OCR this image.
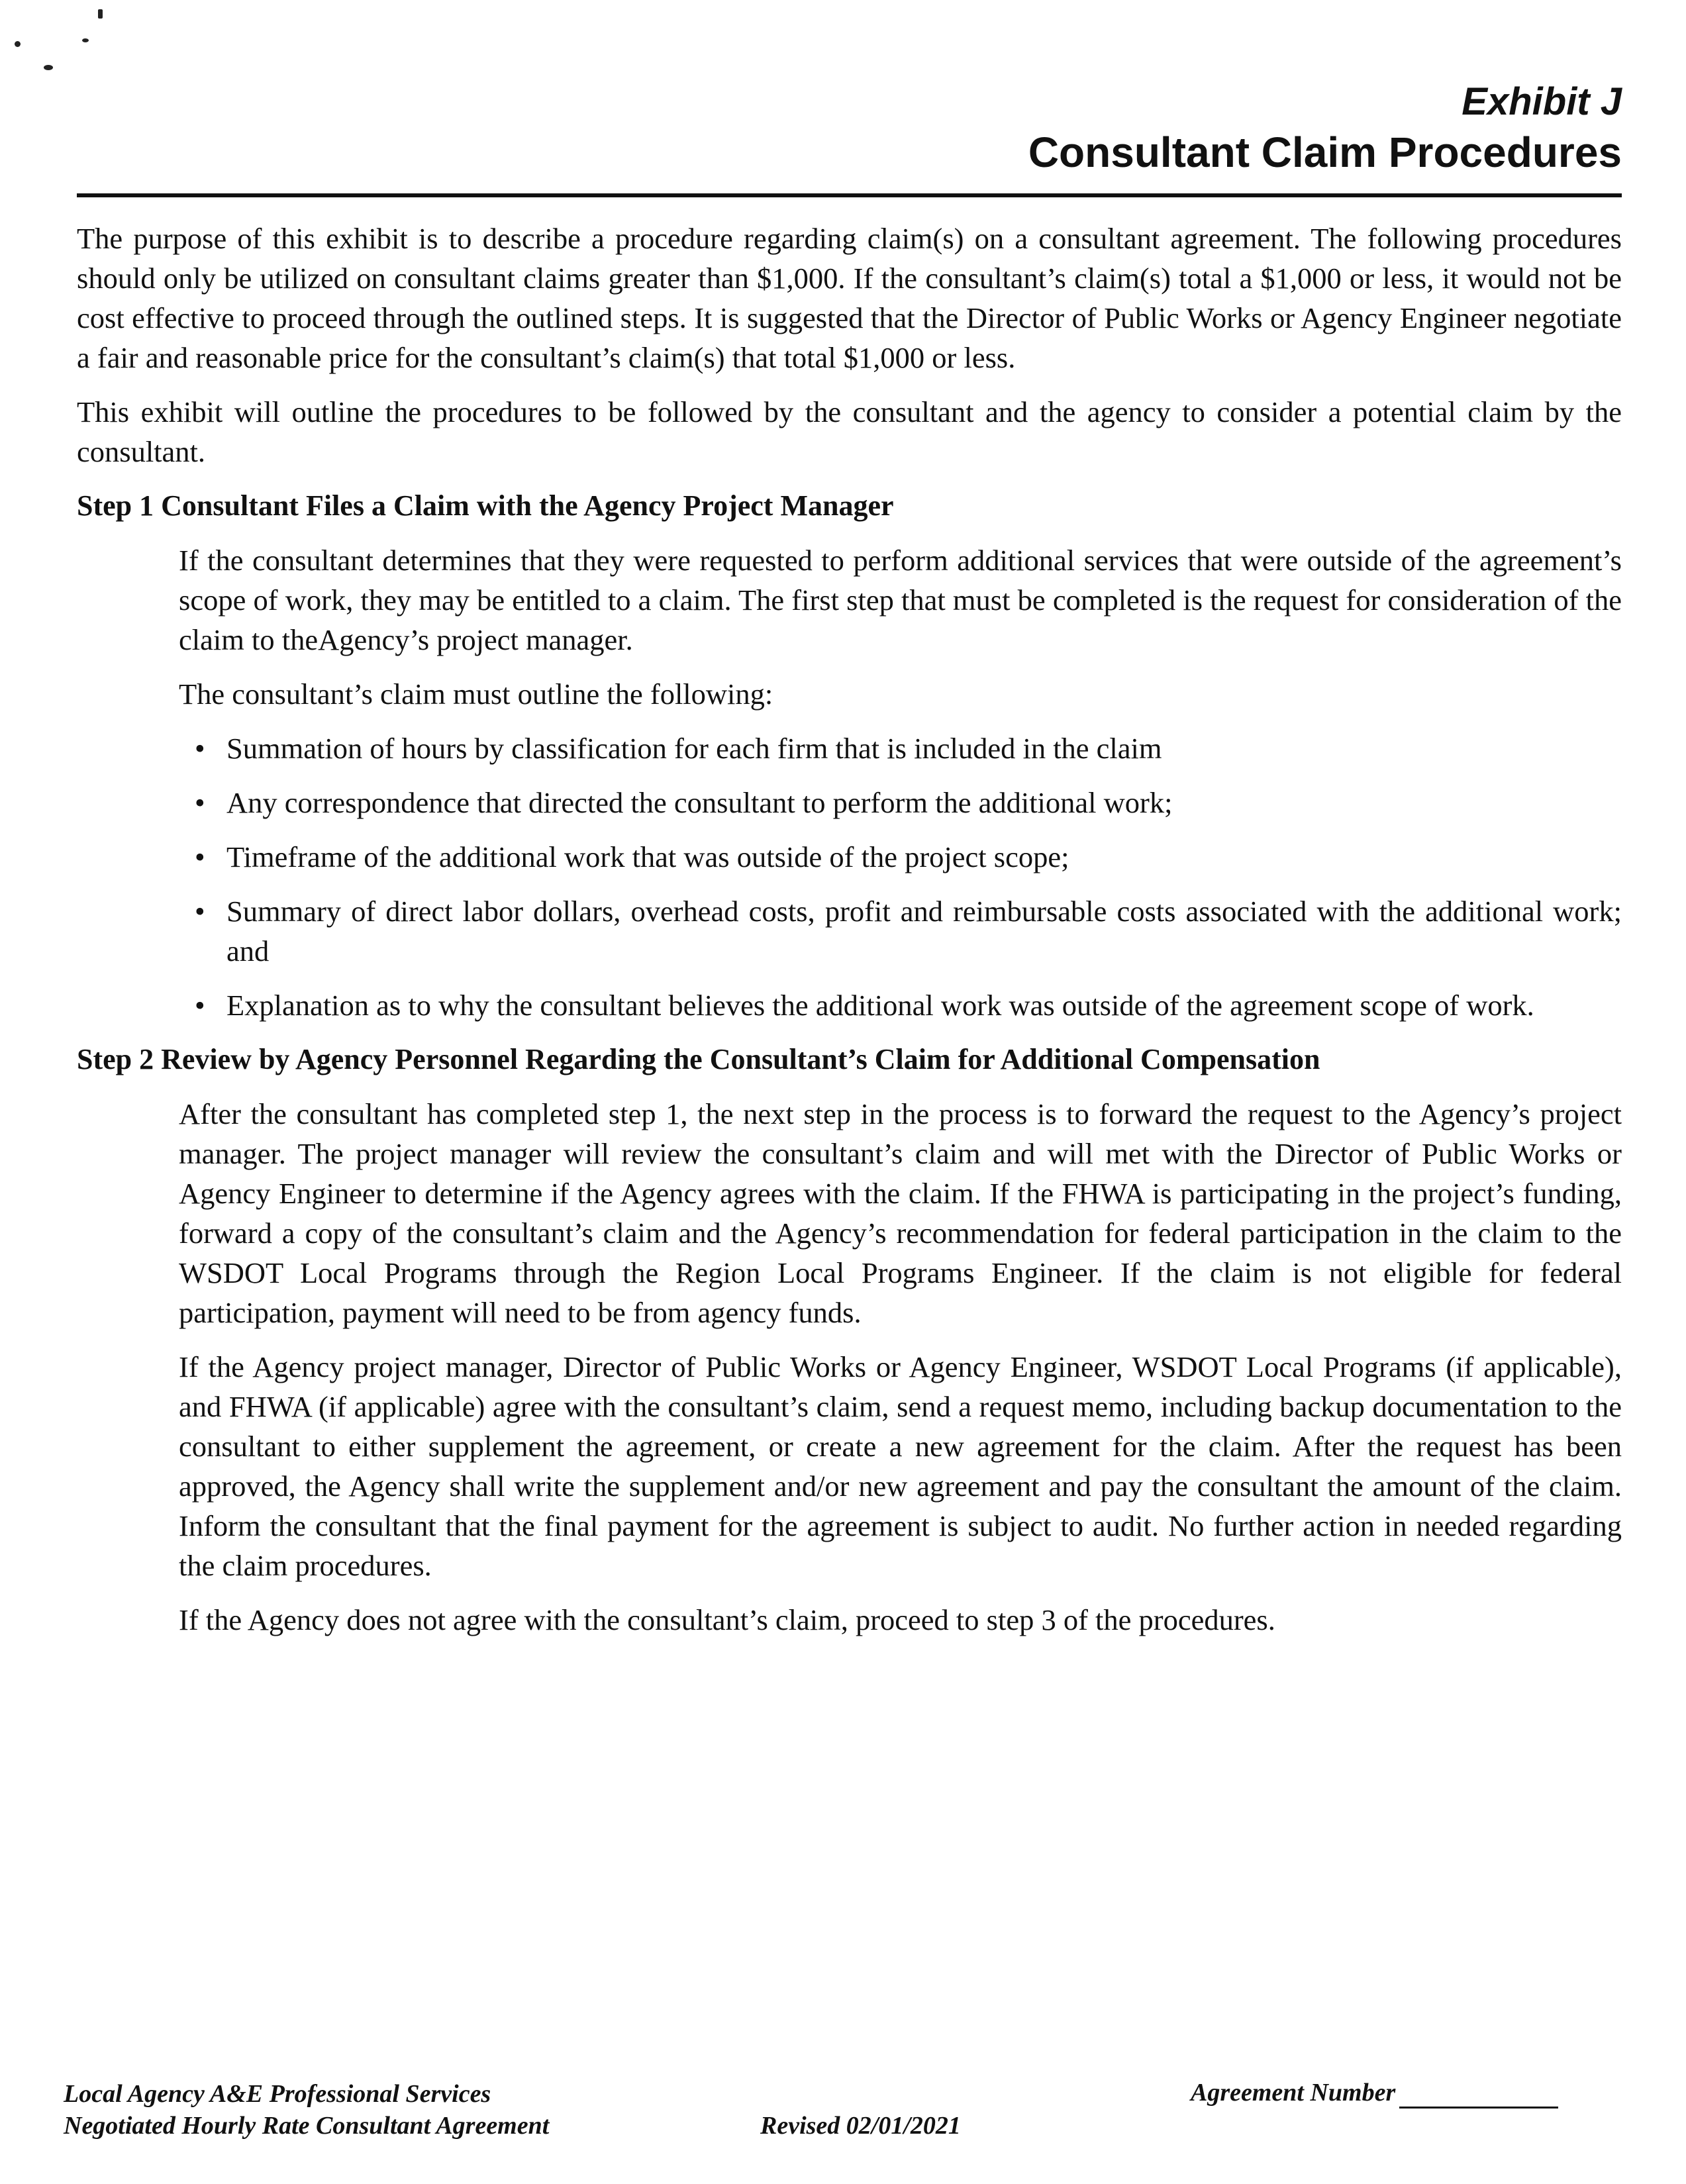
Exhibit J
Consultant Claim Procedures

The purpose of this exhibit is to describe a procedure regarding claim(s) on a consultant agreement. The following procedures should only be utilized on consultant claims greater than $1,000. If the consultant’s claim(s) total a $1,000 or less, it would not be cost effective to proceed through the outlined steps. It is suggested that the Director of Public Works or Agency Engineer negotiate a fair and reasonable price for the consultant’s claim(s) that total $1,000 or less.

This exhibit will outline the procedures to be followed by the consultant and the agency to consider a potential claim by the consultant.

Step 1 Consultant Files a Claim with the Agency Project Manager

If the consultant determines that they were requested to perform additional services that were outside of the agreement’s scope of work, they may be entitled to a claim. The first step that must be completed is the request for consideration of the claim to theAgency’s project manager.

The consultant’s claim must outline the following:

• Summation of hours by classification for each firm that is included in the claim
• Any correspondence that directed the consultant to perform the additional work;
• Timeframe of the additional work that was outside of the project scope;
• Summary of direct labor dollars, overhead costs, profit and reimbursable costs associated with the additional work; and
• Explanation as to why the consultant believes the additional work was outside of the agreement scope of work.
Step 2 Review by Agency Personnel Regarding the Consultant’s Claim for Additional Compensation

After the consultant has completed step 1, the next step in the process is to forward the request to the Agency’s project manager. The project manager will review the consultant’s claim and will met with the Director of Public Works or Agency Engineer to determine if the Agency agrees with the claim. If the FHWA is participating in the project’s funding, forward a copy of the consultant’s claim and the Agency’s recommendation for federal participation in the claim to the WSDOT Local Programs through the Region Local Programs Engineer. If the claim is not eligible for federal participation, payment will need to be from agency funds.

If the Agency project manager, Director of Public Works or Agency Engineer, WSDOT Local Programs (if applicable), and FHWA (if applicable) agree with the consultant’s claim, send a request memo, including backup documentation to the consultant to either supplement the agreement, or create a new agreement for the claim. After the request has been approved, the Agency shall write the supplement and/or new agreement and pay the consultant the amount of the claim. Inform the consultant that the final payment for the agreement is subject to audit. No further action in needed regarding the claim procedures.

If the Agency does not agree with the consultant’s claim, proceed to step 3 of the procedures.

Local Agency A&E Professional Services
Negotiated Hourly Rate Consultant Agreement	Revised 02/01/2021
Agreement Number
